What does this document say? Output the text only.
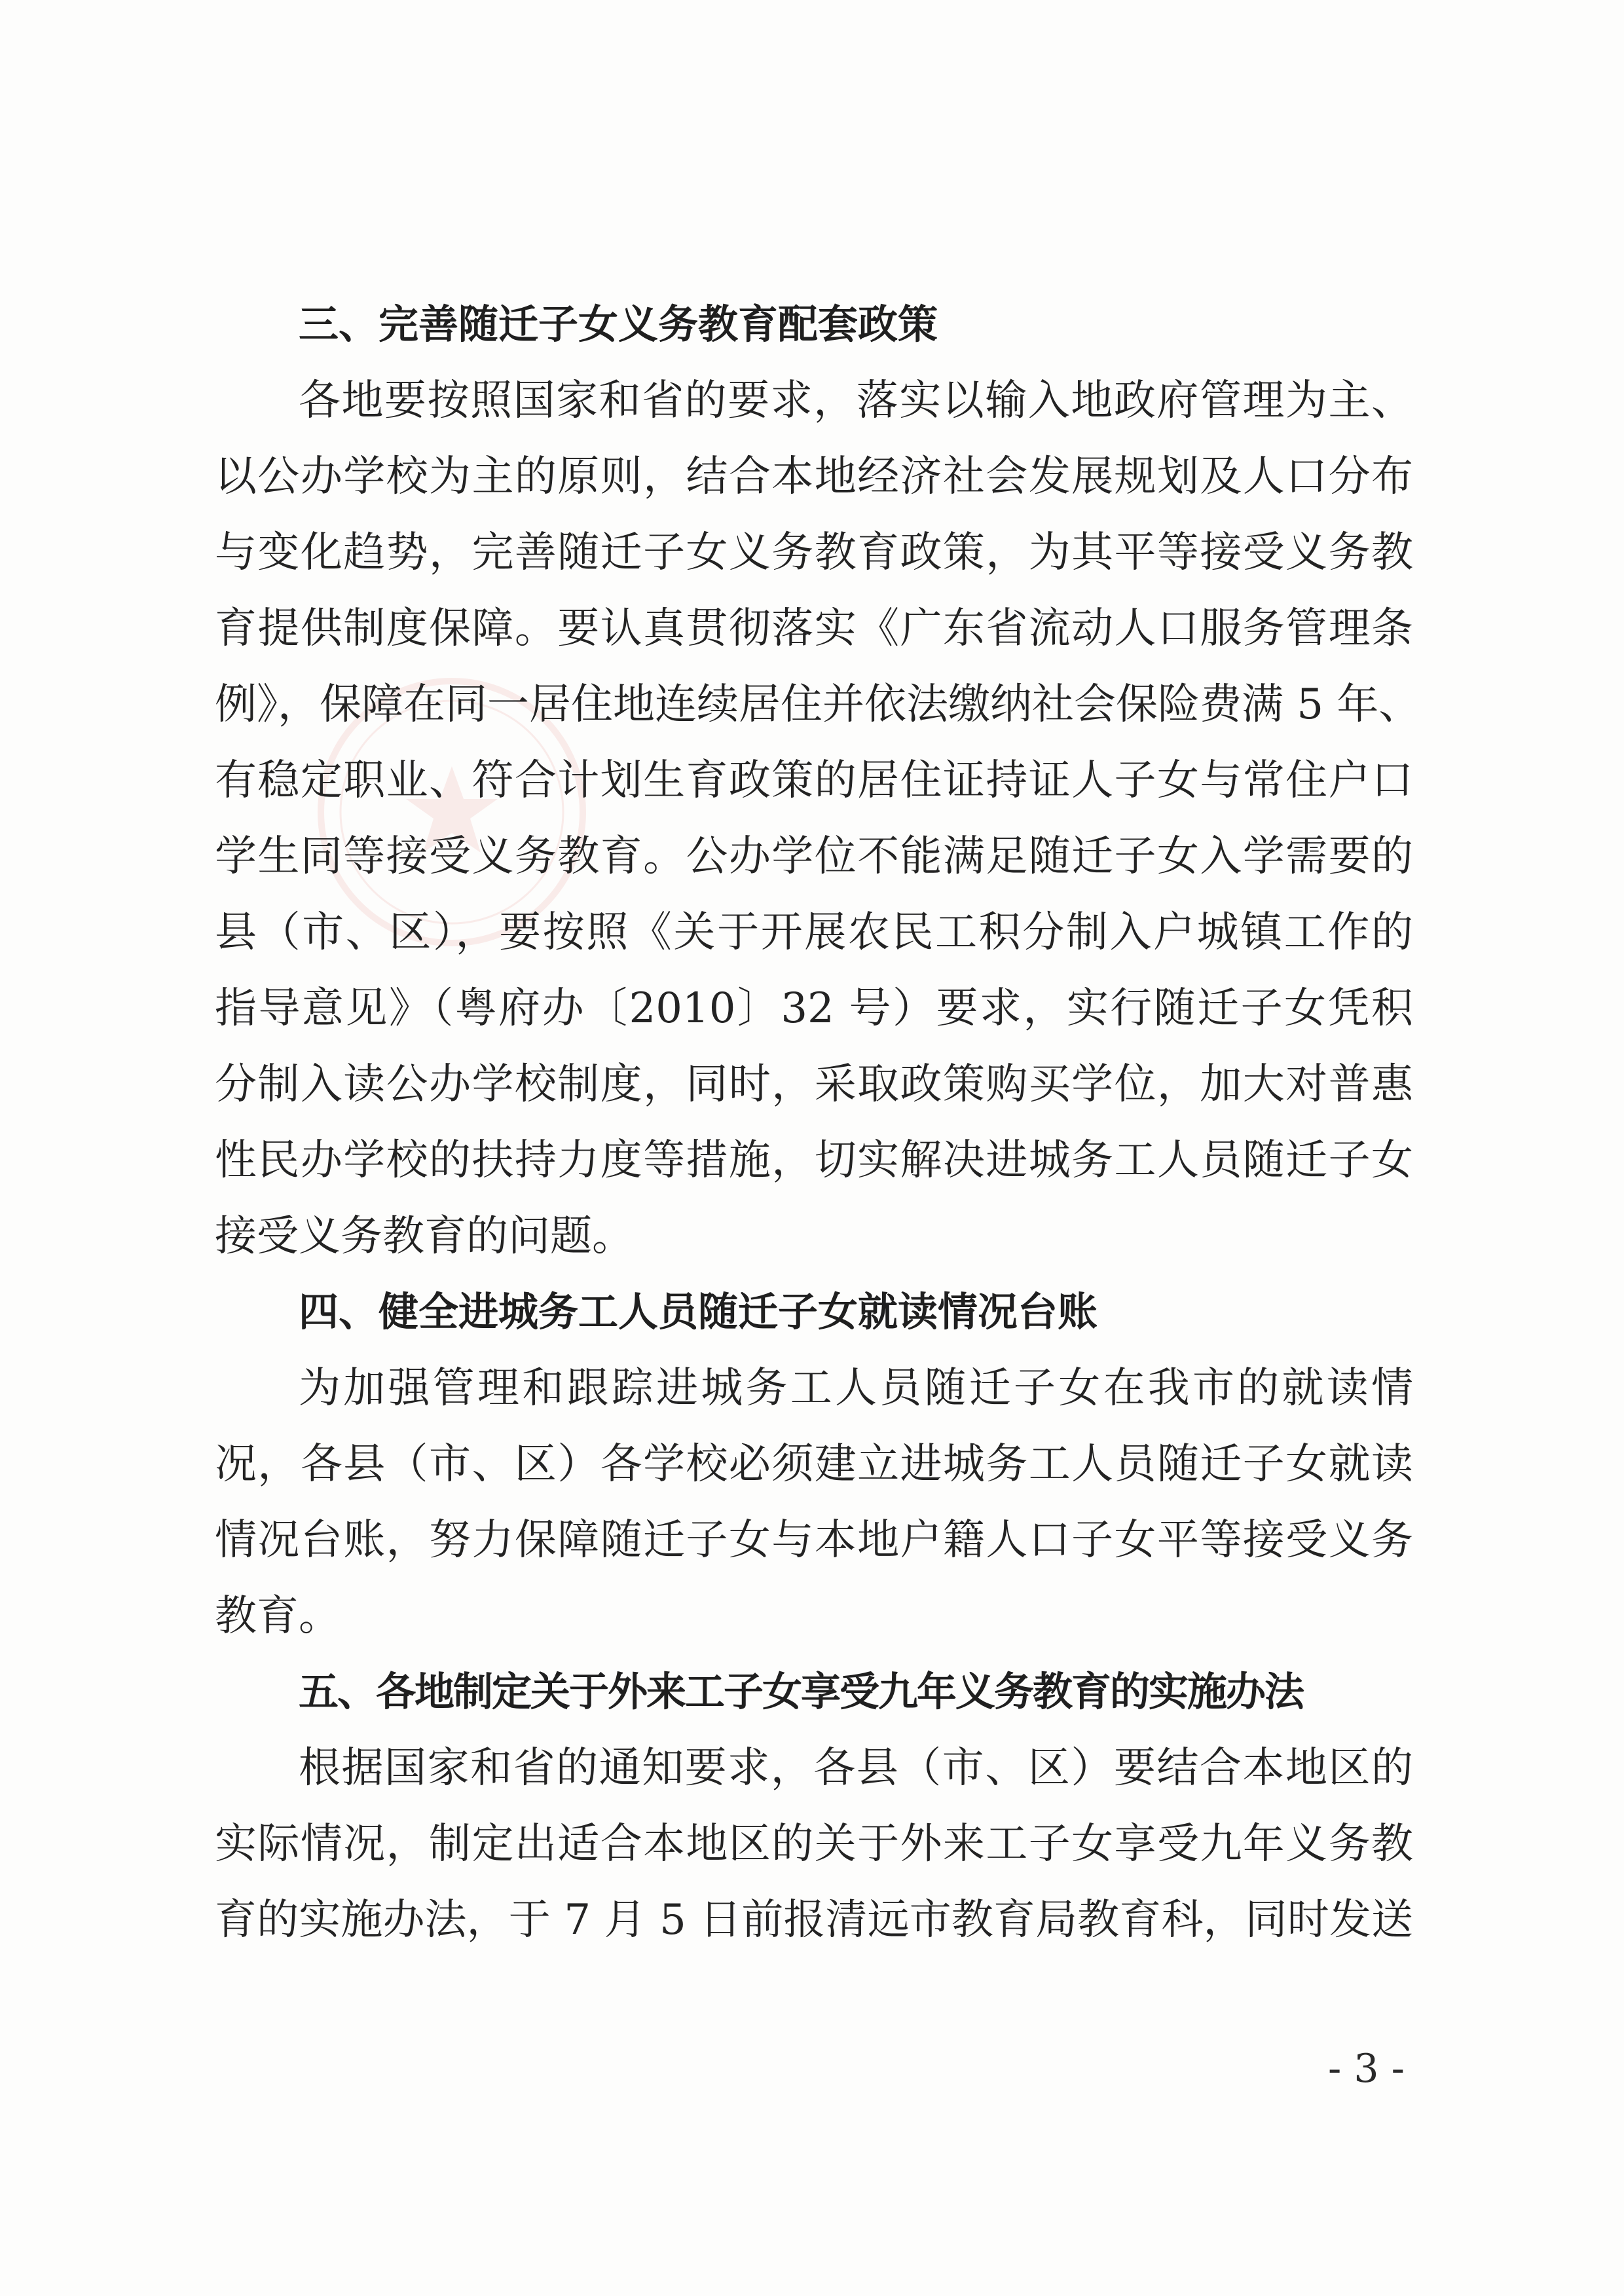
三、完善随迁子女义务教育配套政策
各地要按照国家和省的要求，落实以输入地政府管理为主、
以公办学校为主的原则，结合本地经济社会发展规划及人口分布
与变化趋势，完善随迁子女义务教育政策，为其平等接受义务教
育提供制度保障。要认真贯彻落实《广东省流动人口服务管理条
例》，保障在同一居住地连续居住并依法缴纳社会保险费满 5 年、
有稳定职业、符合计划生育政策的居住证持证人子女与常住户口
学生同等接受义务教育。公办学位不能满足随迁子女入学需要的
县（市、区），要按照《关于开展农民工积分制入户城镇工作的
指导意见》（粤府办〔2010〕32 号）要求，实行随迁子女凭积
分制入读公办学校制度，同时，采取政策购买学位，加大对普惠
性民办学校的扶持力度等措施，切实解决进城务工人员随迁子女
接受义务教育的问题。
四、健全进城务工人员随迁子女就读情况台账
为加强管理和跟踪进城务工人员随迁子女在我市的就读情
况，各县（市、区）各学校必须建立进城务工人员随迁子女就读
情况台账，努力保障随迁子女与本地户籍人口子女平等接受义务
教育。
五、各地制定关于外来工子女享受九年义务教育的实施办法
根据国家和省的通知要求，各县（市、区）要结合本地区的
实际情况，制定出适合本地区的关于外来工子女享受九年义务教
育的实施办法，于 7 月 5 日前报清远市教育局教育科，同时发送
- 3 -
